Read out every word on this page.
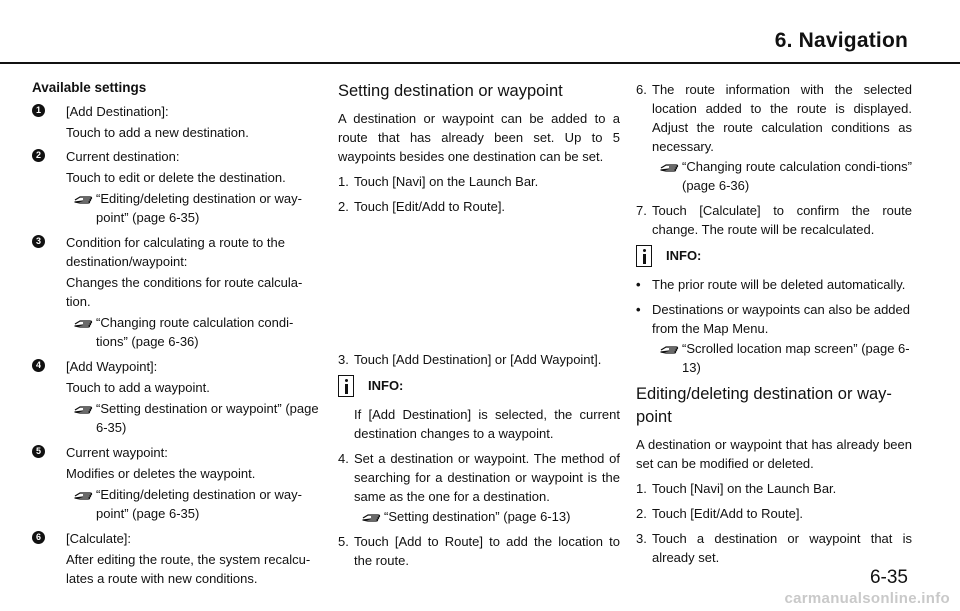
6. Navigation
Available settings
1	[Add Destination]:
Touch to add a new destination.
2	Current destination:
Touch to edit or delete the destination.
“Editing/deleting destination or way-point” (page 6-35)
3	Condition for calculating a route to the destination/waypoint:
Changes the conditions for route calcula-tion.
“Changing route calculation condi-tions” (page 6-36)
4	[Add Waypoint]:
Touch to add a waypoint.
“Setting destination or waypoint” (page 6-35)
5	Current waypoint:
Modifies or deletes the waypoint.
“Editing/deleting destination or way-point” (page 6-35)
6	[Calculate]:
After editing the route, the system recalcu-lates a route with new conditions.
Setting destination or waypoint
A destination or waypoint can be added to a route that has already been set. Up to 5 waypoints besides one destination can be set.
1. Touch [Navi] on the Launch Bar.
2. Touch [Edit/Add to Route].
3. Touch [Add Destination] or [Add Waypoint].
INFO:
If [Add Destination] is selected, the current destination changes to a waypoint.
4. Set a destination or waypoint. The method of searching for a destination or waypoint is the same as the one for a destination.
“Setting destination” (page 6-13)
5. Touch [Add to Route] to add the location to the route.
6. The route information with the selected location added to the route is displayed. Adjust the route calculation conditions as necessary.
“Changing route calculation condi-tions” (page 6-36)
7. Touch [Calculate] to confirm the route change. The route will be recalculated.
INFO:
• The prior route will be deleted automatically.
• Destinations or waypoints can also be added from the Map Menu.
“Scrolled location map screen” (page 6-13)
Editing/deleting destination or way-point
A destination or waypoint that has already been set can be modified or deleted.
1. Touch [Navi] on the Launch Bar.
2. Touch [Edit/Add to Route].
3. Touch a destination or waypoint that is already set.
6-35
carmanualsonline.info
